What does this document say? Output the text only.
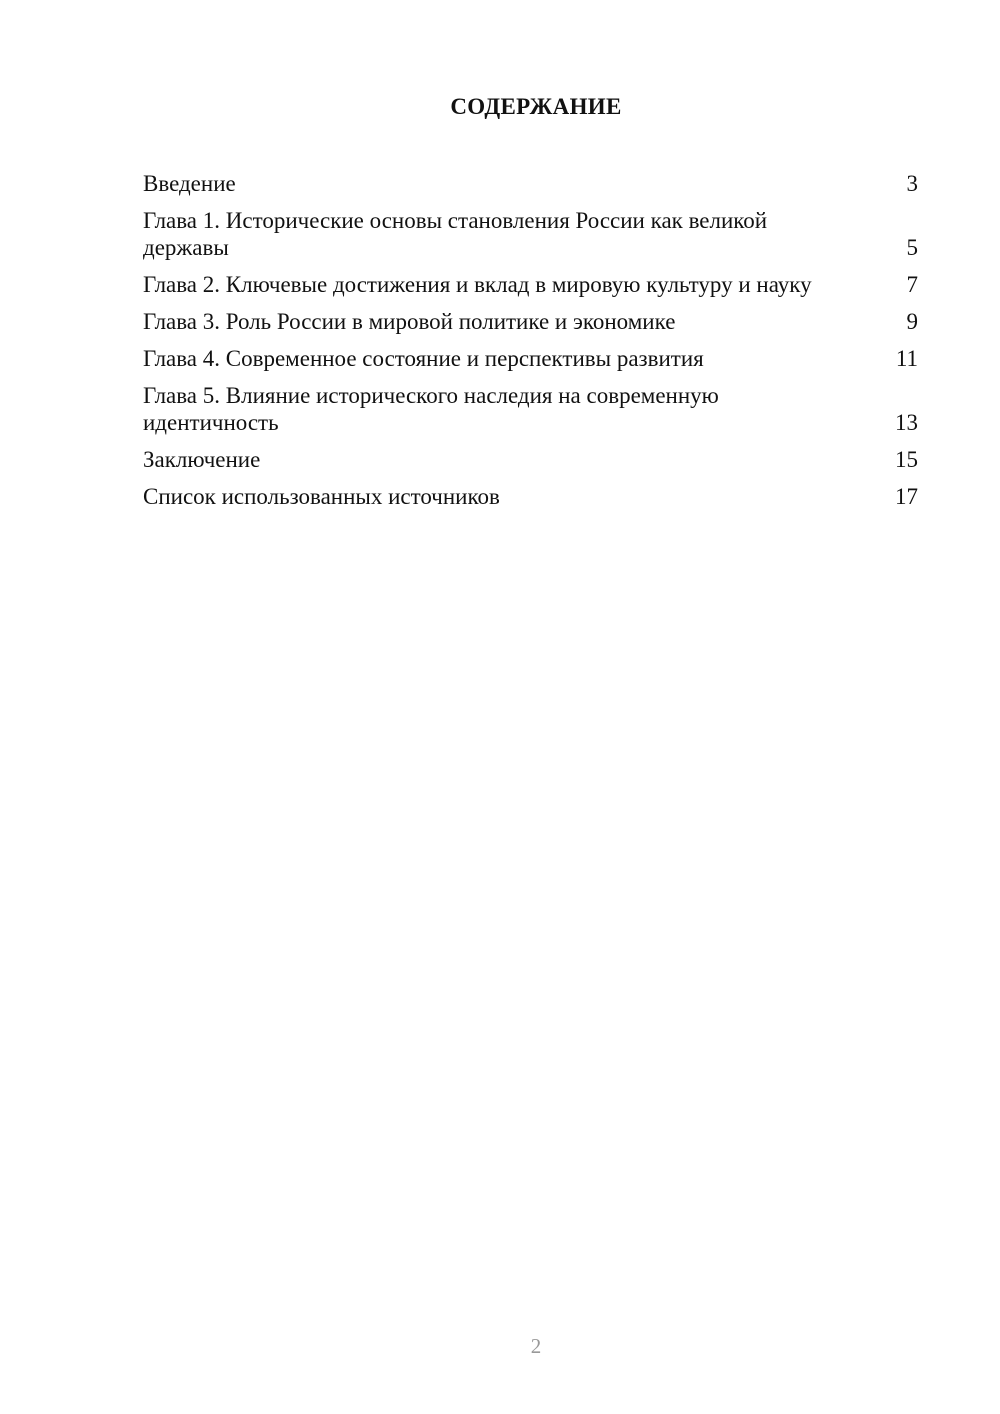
СОДЕРЖАНИЕ
Введение	3
Глава 1. Исторические основы становления России как великой державы	5
Глава 2. Ключевые достижения и вклад в мировую культуру и науку	7
Глава 3. Роль России в мировой политике и экономике	9
Глава 4. Современное состояние и перспективы развития	11
Глава 5. Влияние исторического наследия на современную идентичность	13
Заключение	15
Список использованных источников	17
2
